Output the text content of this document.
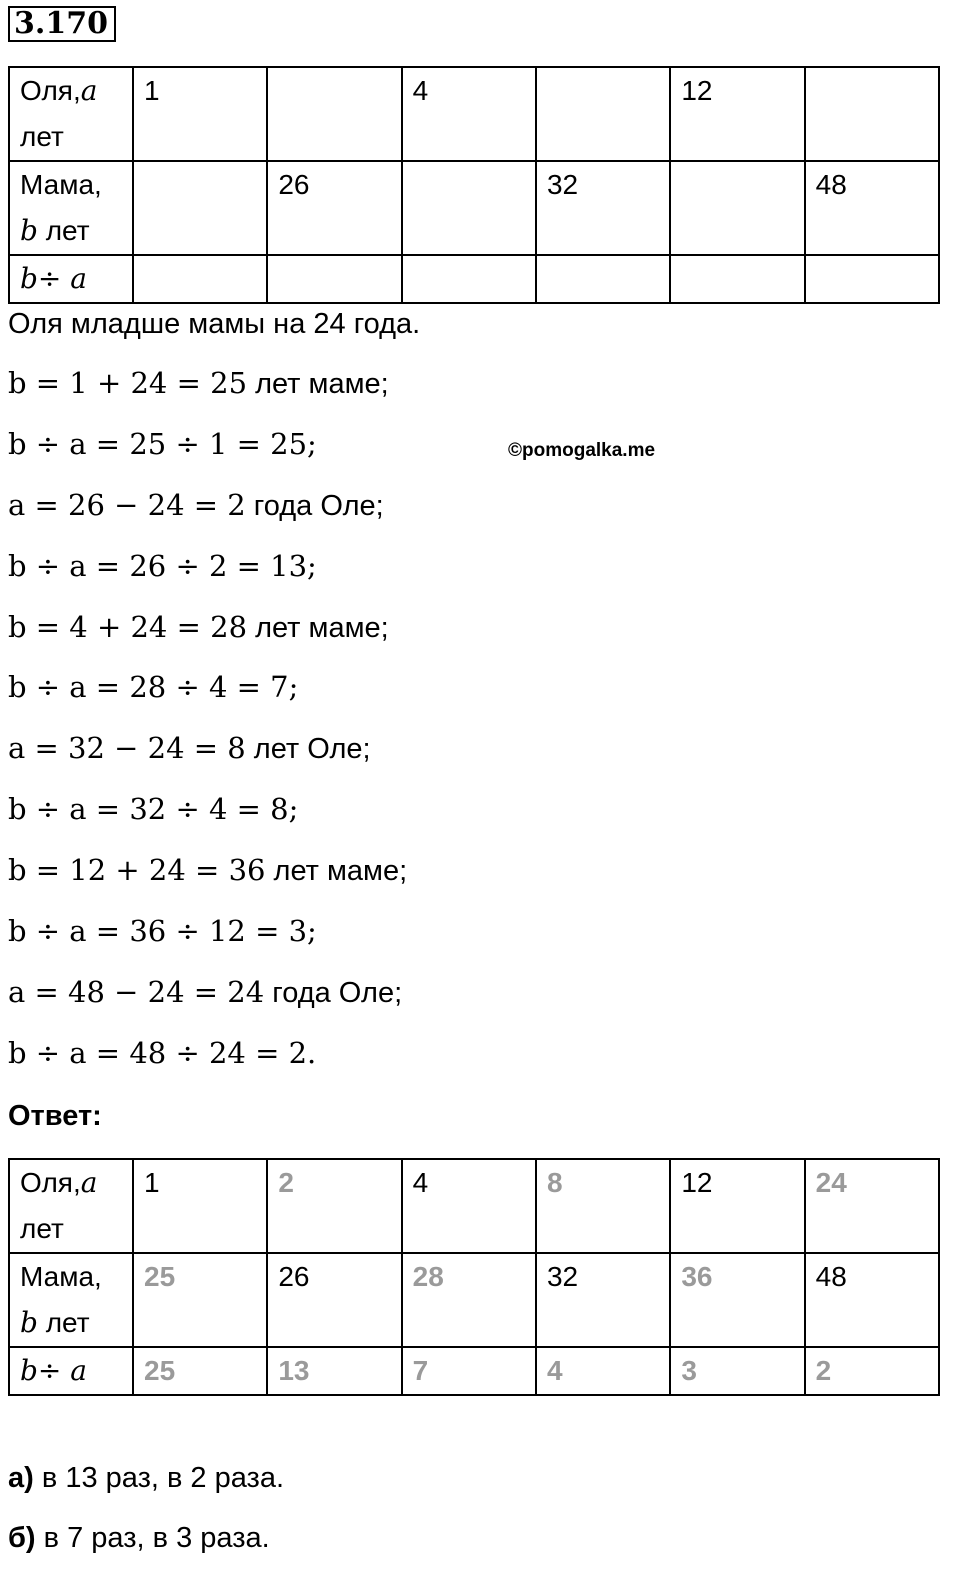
3.170
Оля,a
лет	1		4		12	
Мама,
b лет		26		32		48
b÷ a						
Оля младше мамы на 24 года.
©pomogalka.me
b = 1 + 24 = 25 лет маме;
b ÷ a = 25 ÷ 1 = 25;
a = 26 − 24 = 2 года Оле;
b ÷ a = 26 ÷ 2 = 13;
b = 4 + 24 = 28 лет маме;
b ÷ a = 28 ÷ 4 = 7;
a = 32 − 24 = 8 лет Оле;
b ÷ a = 32 ÷ 4 = 8;
b = 12 + 24 = 36 лет маме;
b ÷ a = 36 ÷ 12 = 3;
a = 48 − 24 = 24 года Оле;
b ÷ a = 48 ÷ 24 = 2.
Ответ:
Оля,a
лет	1	2	4	8	12	24
Мама,
b лет	25	26	28	32	36	48
b÷ a	25	13	7	4	3	2
а) в 13 раз, в 2 раза.
б) в 7 раз, в 3 раза.
